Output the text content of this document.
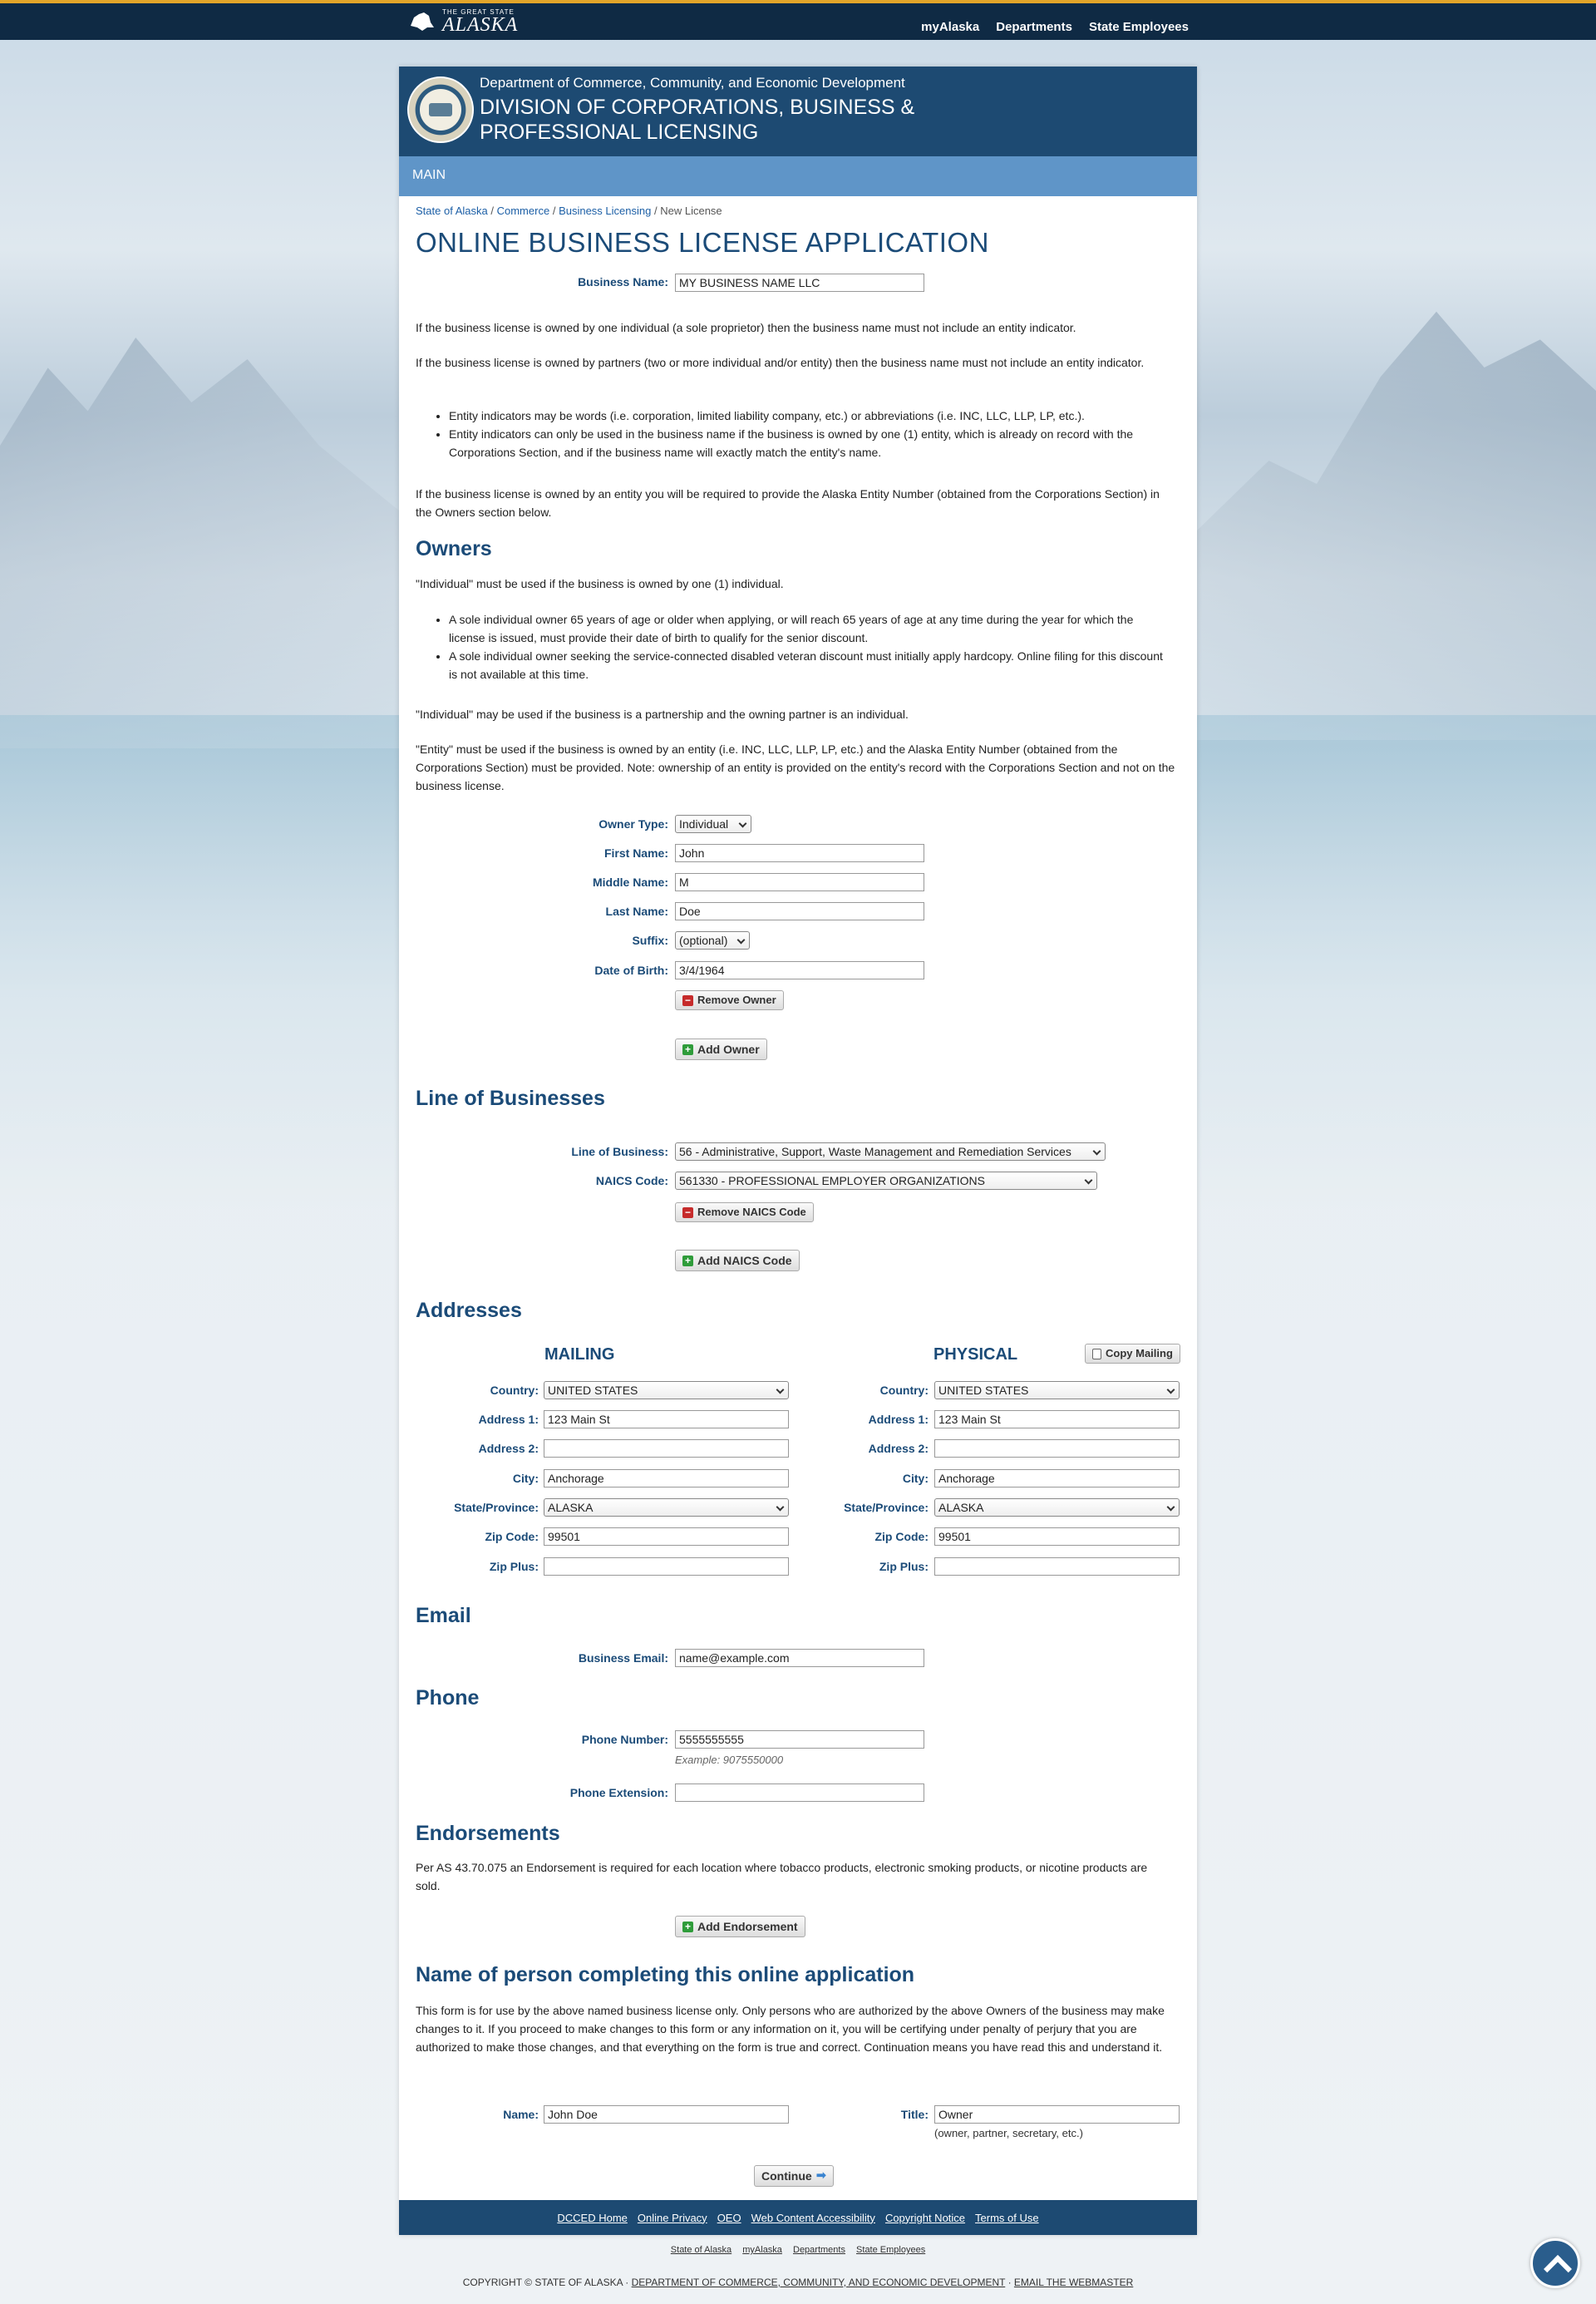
THE GREAT STATE
ALASKA	myAlaska Departments State Employees
Department of Commerce, Community, and Economic Development
DIVISION OF CORPORATIONS, BUSINESS & PROFESSIONAL LICENSING
MAIN
State of Alaska / Commerce / Business Licensing / New License
ONLINE BUSINESS LICENSE APPLICATION
Business Name: MY BUSINESS NAME LLC

If the business license is owned by one individual (a sole proprietor) then the business name must not include an entity indicator.

If the business license is owned by partners (two or more individual and/or entity) then the business name must not include an entity indicator.

• Entity indicators may be words (i.e. corporation, limited liability company, etc.) or abbreviations (i.e. INC, LLC, LLP, LP, etc.).
• Entity indicators can only be used in the business name if the business is owned by one (1) entity, which is already on record with the Corporations Section, and if the business name will exactly match the entity's name.

If the business license is owned by an entity you will be required to provide the Alaska Entity Number (obtained from the Corporations Section) in the Owners section below.

Owners

"Individual" must be used if the business is owned by one (1) individual.

• A sole individual owner 65 years of age or older when applying, or will reach 65 years of age at any time during the year for which the license is issued, must provide their date of birth to qualify for the senior discount.
• A sole individual owner seeking the service-connected disabled veteran discount must initially apply hardcopy. Online filing for this discount is not available at this time.

"Individual" may be used if the business is a partnership and the owning partner is an individual.

"Entity" must be used if the business is owned by an entity (i.e. INC, LLC, LLP, LP, etc.) and the Alaska Entity Number (obtained from the Corporations Section) must be provided. Note: ownership of an entity is provided on the entity's record with the Corporations Section and not on the business license.

Owner Type: Individual
First Name: John
Middle Name: M
Last Name: Doe
Suffix: (optional)
Date of Birth: 3/4/1964
− Remove Owner
+ Add Owner
Line of Businesses
Line of Business: 56 - Administrative, Support, Waste Management and Remediation Services
NAICS Code: 561330 - PROFESSIONAL EMPLOYER ORGANIZATIONS
− Remove NAICS Code
+ Add NAICS Code
Addresses
MAILING	PHYSICAL	Copy Mailing
Country: UNITED STATES
Address 1: 123 Main St
Address 2:
City: Anchorage
State/Province: ALASKA
Zip Code: 99501
Zip Plus:
Country: UNITED STATES
Address 1: 123 Main St
Address 2:
City: Anchorage
State/Province: ALASKA
Zip Code: 99501
Zip Plus:
Email
Business Email: name@example.com
Phone
Phone Number: 5555555555
Example: 9075550000
Phone Extension:
Endorsements

Per AS 43.70.075 an Endorsement is required for each location where tobacco products, electronic smoking products, or nicotine products are sold.

+ Add Endorsement
Name of person completing this online application

This form is for use by the above named business license only. Only persons who are authorized by the above Owners of the business may make changes to it. If you proceed to make changes to this form or any information on it, you will be certifying under penalty of perjury that you are authorized to make those changes, and that everything on the form is true and correct. Continuation means you have read this and understand it.

Name: John Doe	Title: Owner
(owner, partner, secretary, etc.)
Continue ➡
DCCED Home Online Privacy OEO Web Content Accessibility Copyright Notice Terms of Use
State of Alaska myAlaska Departments State Employees
COPYRIGHT © STATE OF ALASKA · DEPARTMENT OF COMMERCE, COMMUNITY, AND ECONOMIC DEVELOPMENT · EMAIL THE WEBMASTER
